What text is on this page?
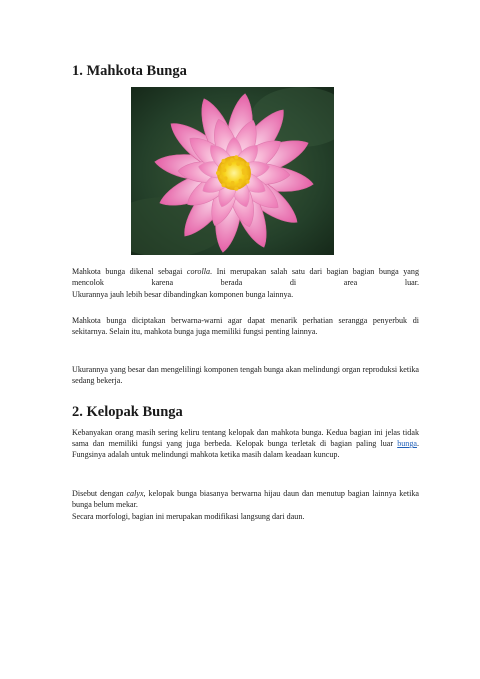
1. Mahkota Bunga
Mahkota bunga dikenal sebagai corolla. Ini merupakan salah satu dari bagian bagian bunga yang mencolok karena berada di area luar.
Ukurannya jauh lebih besar dibandingkan komponen bunga lainnya.
Mahkota bunga diciptakan berwarna-warni agar dapat menarik perhatian serangga penyerbuk di sekitarnya. Selain itu, mahkota bunga juga memiliki fungsi penting lainnya.
Ukurannya yang besar dan mengelilingi komponen tengah bunga akan melindungi organ reproduksi ketika sedang bekerja.
2. Kelopak Bunga
Kebanyakan orang masih sering keliru tentang kelopak dan mahkota bunga. Kedua bagian ini jelas tidak sama dan memiliki fungsi yang juga berbeda. Kelopak bunga terletak di bagian paling luar bunga. Fungsinya adalah untuk melindungi mahkota ketika masih dalam keadaan kuncup.
Disebut dengan calyx, kelopak bunga biasanya berwarna hijau daun dan menutup bagian lainnya ketika bunga belum mekar.
Secara morfologi, bagian ini merupakan modifikasi langsung dari daun.
